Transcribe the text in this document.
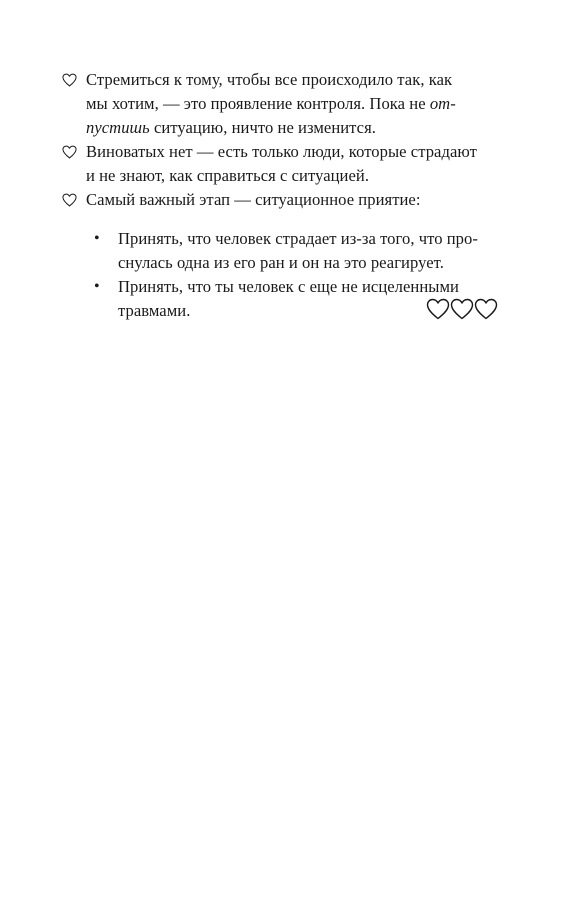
Стремиться к тому, чтобы все происходило так, как
мы хотим, — это проявление контроля. Пока не от-
пустишь ситуацию, ничто не изменится.
Виноватых нет — есть только люди, которые страдают
и не знают, как справиться с ситуацией.
Самый важный этап — ситуационное приятие:
• Принять, что человек страдает из-за того, что про-
снулась одна из его ран и он на это реагирует.
• Принять, что ты человек с еще не исцеленными
травмами.
